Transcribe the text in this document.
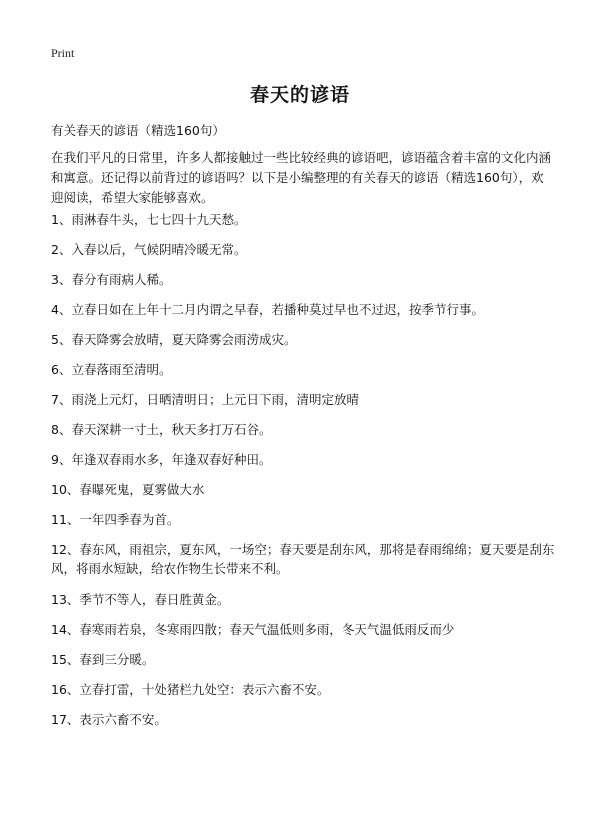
Print
春天的谚语
有关春天的谚语（精选160句）

在我们平凡的日常里，许多人都接触过一些比较经典的谚语吧，谚语蕴含着丰富的文化内涵和寓意。还记得以前背过的谚语吗？以下是小编整理的有关春天的谚语（精选160句），欢迎阅读，希望大家能够喜欢。

1、雨淋春牛头，七七四十九天愁。
2、入春以后，气候阴晴冷暖无常。
3、春分有雨病人稀。
4、立春日如在上年十二月内谓之早春，若播种莫过早也不过迟，按季节行事。
5、春天降雾会放晴，夏天降雾会雨涝成灾。
6、立春落雨至清明。
7、雨浇上元灯，日晒清明日；上元日下雨，清明定放晴
8、春天深耕一寸土，秋天多打万石谷。
9、年逢双春雨水多，年逢双春好种田。
10、春曝死鬼，夏雾做大水
11、一年四季春为首。
12、春东风，雨祖宗，夏东风，一场空；春天要是刮东风，那将是春雨绵绵；夏天要是刮东风，将雨水短缺，给农作物生长带来不利。
13、季节不等人，春日胜黄金。
14、春寒雨若泉，冬寒雨四散；春天气温低则多雨，冬天气温低雨反而少
15、春到三分暖。
16、立春打雷，十处猪栏九处空：表示六畜不安。
17、表示六畜不安。
